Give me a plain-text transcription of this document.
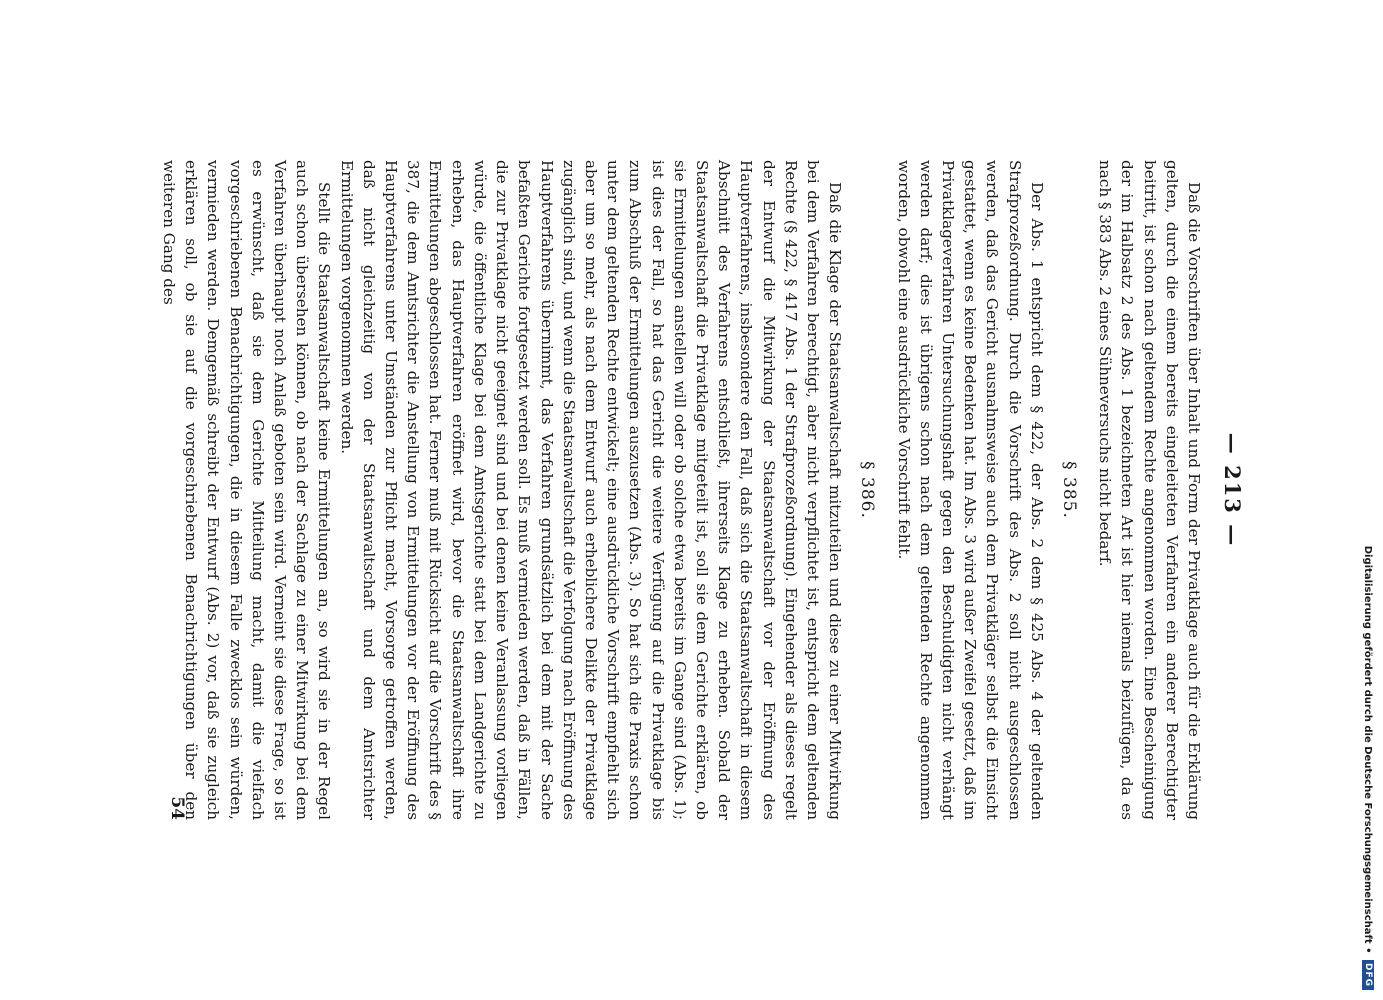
— 213 —

Daß die Vorschriften über Inhalt und Form der Privatklage auch für die Erklärung gelten, durch die einem bereits eingeleiteten Verfahren ein anderer Berechtigter beitritt, ist schon nach geltendem Rechte angenommen worden. Eine Bescheinigung der im Halbsatz 2 des Abs. 1 bezeichneten Art ist hier niemals beizufügen, da es nach § 383 Abs. 2 eines Sühneversuchs nicht bedarf.

§ 385.

Der Abs. 1 entspricht dem § 422, der Abs. 2 dem § 425 Abs. 4 der geltenden Strafprozeßordnung. Durch die Vorschrift des Abs. 2 soll nicht ausgeschlossen werden, daß das Gericht ausnahmsweise auch dem Privatkläger selbst die Einsicht gestattet, wenn es keine Bedenken hat. Im Abs. 3 wird außer Zweifel gesetzt, daß im Privatklageverfahren Untersuchungshaft gegen den Beschuldigten nicht verhängt werden darf; dies ist übrigens schon nach dem geltenden Rechte angenommen worden, obwohl eine ausdrückliche Vorschrift fehlt.

§ 386.

Daß die Klage der Staatsanwaltschaft mitzuteilen und diese zu einer Mitwirkung bei dem Verfahren berechtigt, aber nicht verpflichtet ist, entspricht dem geltenden Rechte (§ 422, § 417 Abs. 1 der Strafprozeßordnung). Eingehender als dieses regelt der Entwurf die Mitwirkung der Staatsanwaltschaft vor der Eröffnung des Hauptverfahrens, insbesondere den Fall, daß sich die Staatsanwaltschaft in diesem Abschnitt des Verfahrens entschließt, ihrerseits Klage zu erheben. Sobald der Staatsanwaltschaft die Privatklage mitgeteilt ist, soll sie dem Gerichte erklären, ob sie Ermittelungen anstellen will oder ob solche etwa bereits im Gange sind (Abs. 1); ist dies der Fall, so hat das Gericht die weitere Verfügung auf die Privatklage bis zum Abschluß der Ermittelungen auszusetzen (Abs. 3). So hat sich die Praxis schon unter dem geltenden Rechte entwickelt; eine ausdrückliche Vorschrift empfiehlt sich aber um so mehr, als nach dem Entwurf auch erheblichere Delikte der Privatklage zugänglich sind, und wenn die Staatsanwaltschaft die Verfolgung nach Eröffnung des Hauptverfahrens übernimmt, das Verfahren grundsätzlich bei dem mit der Sache befaßten Gerichte fortgesetzt werden soll. Es muß vermieden werden, daß in Fällen, die zur Privatklage nicht geeignet sind und bei denen keine Veranlassung vorliegen würde, die öffentliche Klage bei dem Amtsgerichte statt bei dem Landgerichte zu erheben, das Hauptverfahren eröffnet wird, bevor die Staatsanwaltschaft ihre Ermittelungen abgeschlossen hat. Ferner muß mit Rücksicht auf die Vorschrift des § 387, die dem Amtsrichter die Anstellung von Ermittelungen vor der Eröffnung des Hauptverfahrens unter Umständen zur Pflicht macht, Vorsorge getroffen werden, daß nicht gleichzeitig von der Staatsanwaltschaft und dem Amtsrichter Ermittelungen vorgenommen werden.

Stellt die Staatsanwaltschaft keine Ermittelungen an, so wird sie in der Regel auch schon übersehen können, ob nach der Sachlage zu einer Mitwirkung bei dem Verfahren überhaupt noch Anlaß geboten sein wird. Verneint sie diese Frage, so ist es erwünscht, daß sie dem Gerichte Mitteilung macht, damit die vielfach vorgeschriebenen Benachrichtigungen, die in diesem Falle zwecklos sein würden, vermieden werden. Demgemäß schreibt der Entwurf (Abs. 2) vor, daß sie zugleich erklären soll, ob sie auf die vorgeschriebenen Benachrichtigungen über den weiteren Gang des

54	Digitalisierung gefördert durch die Deutsche Forschungsgemeinschaft
•
DFG
